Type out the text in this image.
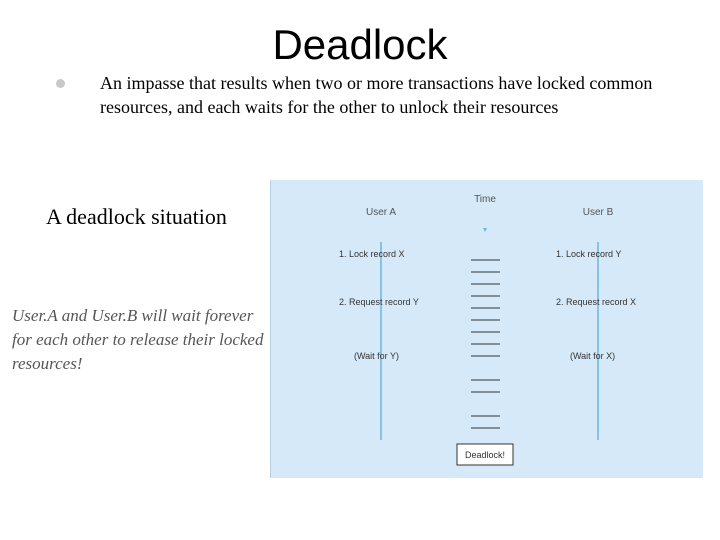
Deadlock
An impasse that results when two or more transactions have locked common resources, and each waits for the other to unlock their resources
A deadlock situation
User.A and User.B will wait forever for each other to release their locked resources!
User A
Time
User B
1. Lock record X
2. Request record Y
(Wait for Y)
1. Lock record Y
2. Request record X
(Wait for X)
Deadlock!
